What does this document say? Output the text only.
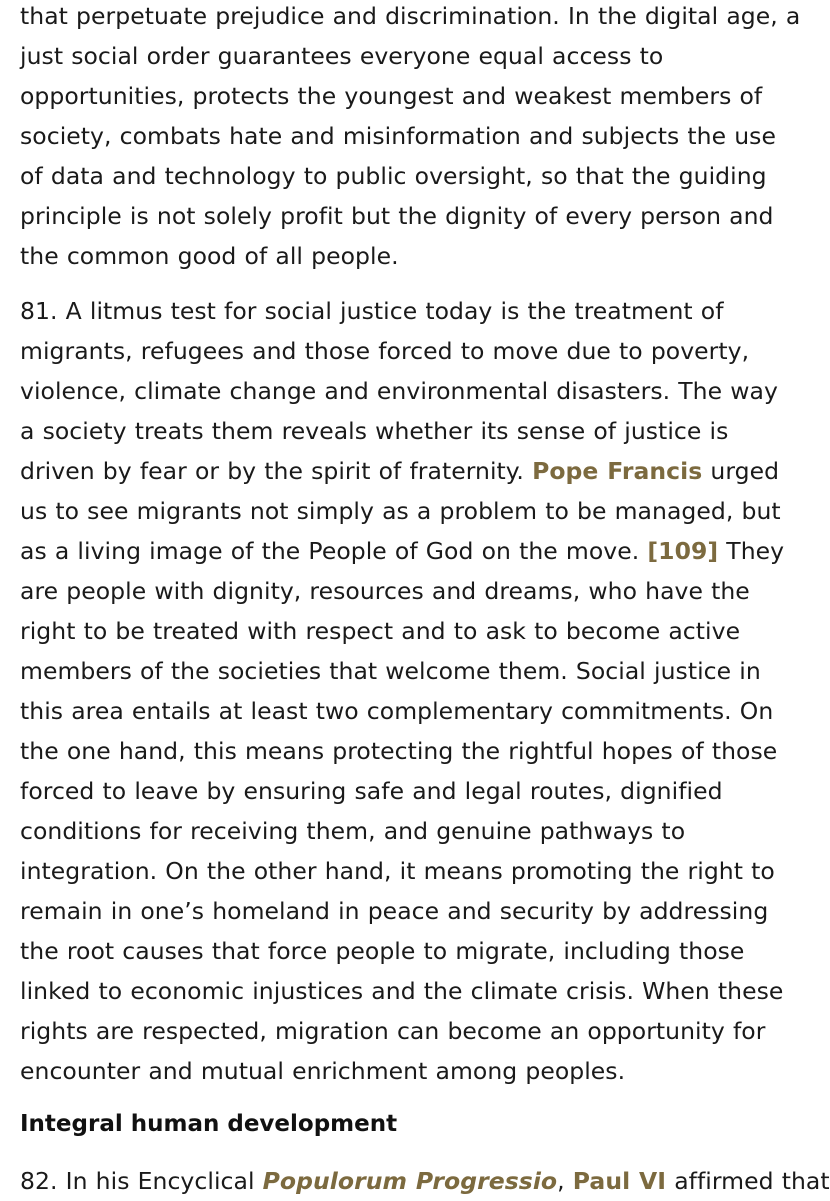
that perpetuate prejudice and discrimination. In the digital age, a
just social order guarantees everyone equal access to
opportunities, protects the youngest and weakest members of
society, combats hate and misinformation and subjects the use
of data and technology to public oversight, so that the guiding
principle is not solely profit but the dignity of every person and
the common good of all people.

81. A litmus test for social justice today is the treatment of
migrants, refugees and those forced to move due to poverty,
violence, climate change and environmental disasters. The way
a society treats them reveals whether its sense of justice is
driven by fear or by the spirit of fraternity. Pope Francis urged
us to see migrants not simply as a problem to be managed, but
as a living image of the People of God on the move. [109] They
are people with dignity, resources and dreams, who have the
right to be treated with respect and to ask to become active
members of the societies that welcome them. Social justice in
this area entails at least two complementary commitments. On
the one hand, this means protecting the rightful hopes of those
forced to leave by ensuring safe and legal routes, dignified
conditions for receiving them, and genuine pathways to
integration. On the other hand, it means promoting the right to
remain in one’s homeland in peace and security by addressing
the root causes that force people to migrate, including those
linked to economic injustices and the climate crisis. When these
rights are respected, migration can become an opportunity for
encounter and mutual enrichment among peoples.

Integral human development

82. In his Encyclical Populorum Progressio, Paul VI affirmed that
